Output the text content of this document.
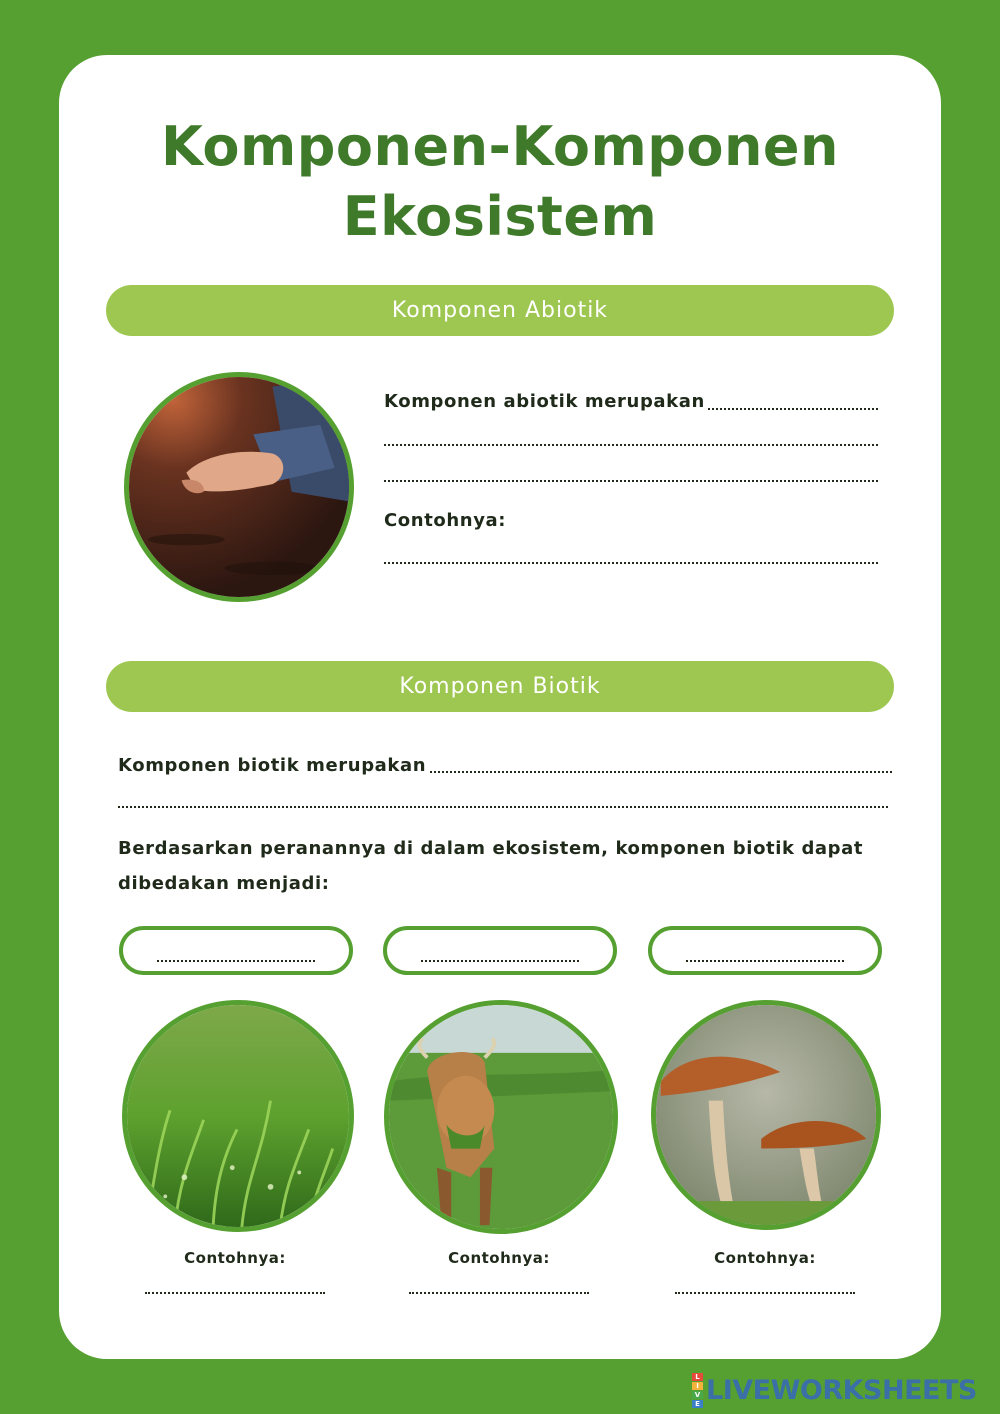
Komponen-Komponen Ekosistem
Komponen Abiotik
Komponen abiotik merupakan
Contohnya:
Komponen Biotik
Komponen biotik merupakan
Berdasarkan peranannya di dalam ekosistem, komponen biotik dapat
dibedakan menjadi:
Contohnya:	Contohnya:	Contohnya:
L
I
V
E LIVEWORKSHEETS
